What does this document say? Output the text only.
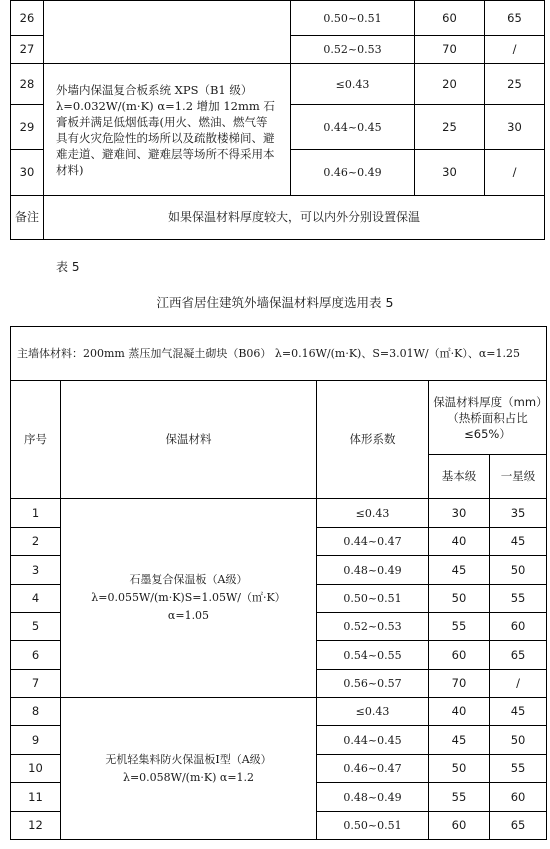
26		0.50~0.51	60	65
27		0.52~0.53	70	/
28	外墙内保温复合板系统 XPS（B1 级）λ=0.032W/(m·K) α=1.2 增加 12mm 石膏板并满足低烟低毒(用火、燃油、燃气等具有火灾危险性的场所以及疏散楼梯间、避难走道、避难间、避难层等场所不得采用本材料)	≤0.43	20	25
29		0.44~0.45	25	30
30		0.46~0.49	30	/
备注	如果保温材料厚度较大，可以内外分别设置保温			
表 5
江西省居住建筑外墙保温材料厚度选用表 5
主墙体材料：200mm 蒸压加气混凝土砌块（B06） λ=0.16W/(m·K)、S=3.01W/（㎡·K）、α=1.25				
序号	保温材料	体形系数	保温材料厚度（mm）（热桥面积占比≤65%）	
			基本级	一星级
1	石墨复合保温板（A级）λ=0.055W/(m·K)S=1.05W/（㎡·K） α=1.05	≤0.43	30	35
2		0.44~0.47	40	45
3		0.48~0.49	45	50
4		0.50~0.51	50	55
5		0.52~0.53	55	60
6		0.54~0.55	60	65
7		0.56~0.57	70	/
8	无机轻集料防火保温板Ⅰ型（A级）λ=0.058W/(m·K) α=1.2	≤0.43	40	45
9		0.44~0.45	45	50
10		0.46~0.47	50	55
11		0.48~0.49	55	60
12		0.50~0.51	60	65
